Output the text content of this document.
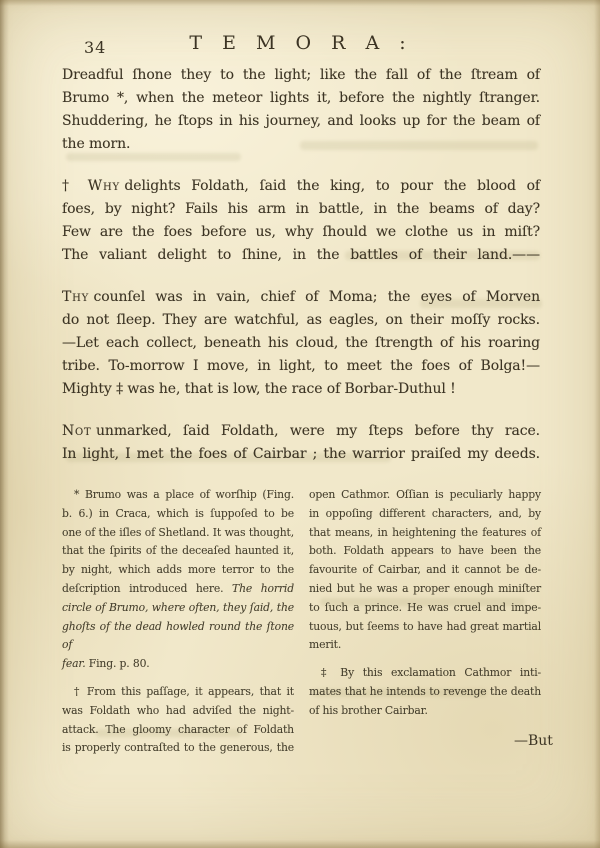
34	T E M O R A :
Dreadful ſhone they to the light; like the fall of the ſtream of
Brumo *, when the meteor lights it, before the nightly ſtranger.
Shuddering, he ſtops in his journey, and looks up for the beam of
the morn.
† Why delights Foldath, ſaid the king, to pour the blood of
foes, by night? Fails his arm in battle, in the beams of day?
Few are the foes before us, why ſhould we clothe us in miſt?
The valiant delight to ſhine, in the battles of their land.——
Thy counſel was in vain, chief of Moma; the eyes of Morven
do not ſleep. They are watchful, as eagles, on their moſſy rocks.
—Let each collect, beneath his cloud, the ſtrength of his roaring
tribe. To-morrow I move, in light, to meet the foes of Bolga!—
Mighty ‡ was he, that is low, the race of Borbar-Duthul !
Not unmarked, ſaid Foldath, were my ſteps before thy race.
In light, I met the foes of Cairbar ; the warrior praiſed my deeds.
* Brumo was a place of worſhip (Fing.
b. 6.) in Craca, which is ſuppoſed to be
one of the iſles of Shetland. It was thought,
that the ſpirits of the deceaſed haunted it,
by night, which adds more terror to the
deſcription introduced here. The horrid
circle of Brumo, where often, they ſaid, the
ghoſts of the dead howled round the ſtone of
fear. Fing. p. 80.
† From this paſſage, it appears, that it
was Foldath who had adviſed the night-
attack. The gloomy character of Foldath
is properly contraſted to the generous, the
open Cathmor. Oſſian is peculiarly happy
in oppoſing different characters, and, by
that means, in heightening the features of
both. Foldath appears to have been the
favourite of Cairbar, and it cannot be de-
nied but he was a proper enough miniſter
to ſuch a prince. He was cruel and impe-
tuous, but ſeems to have had great martial
merit.
‡ By this exclamation Cathmor inti-
mates that he intends to revenge the death
of his brother Cairbar.
—But
